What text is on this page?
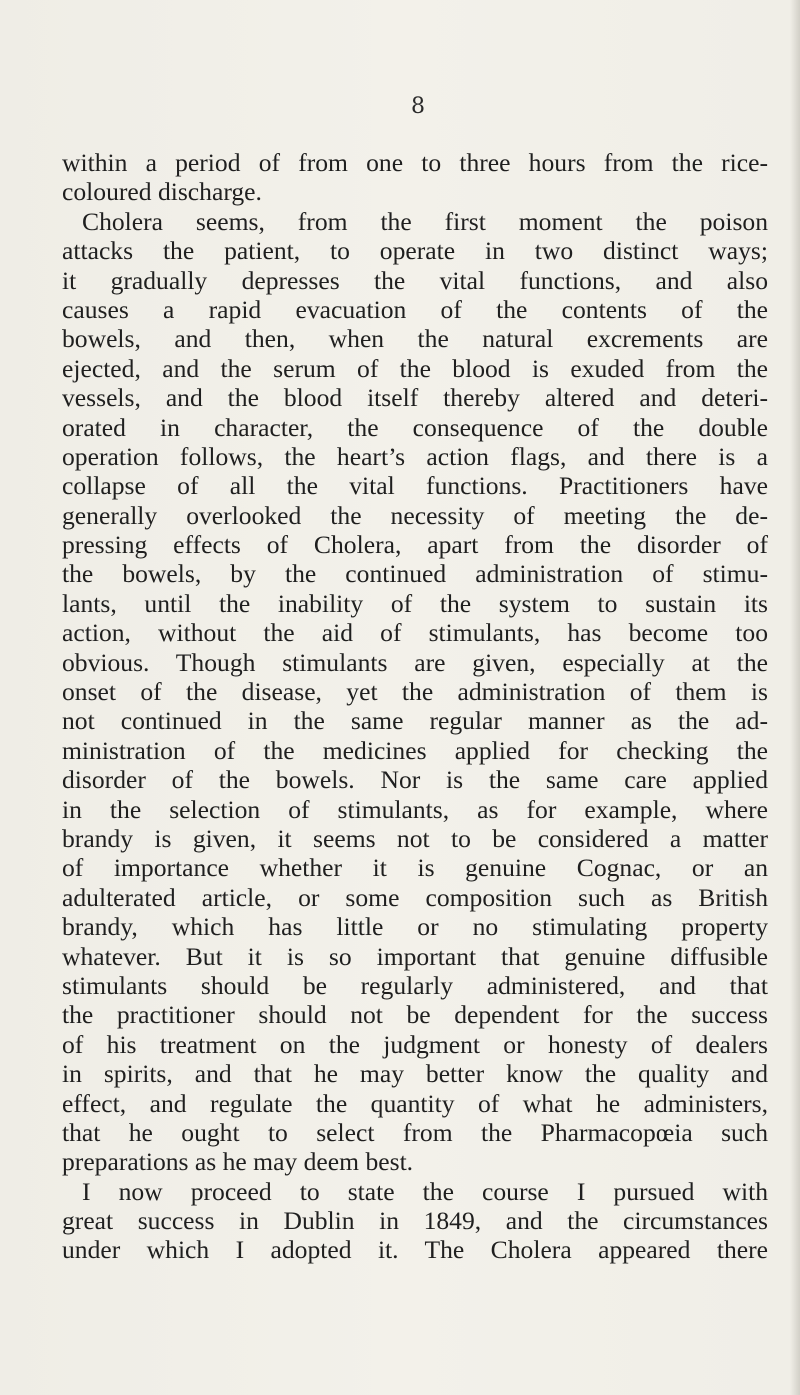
8
within a period of from one to three hours from the rice-
coloured discharge.
Cholera seems, from the first moment the poison
attacks the patient, to operate in two distinct ways;
it gradually depresses the vital functions, and also
causes a rapid evacuation of the contents of the
bowels, and then, when the natural excrements are
ejected, and the serum of the blood is exuded from the
vessels, and the blood itself thereby altered and deteri-
orated in character, the consequence of the double
operation follows, the heart’s action flags, and there is a
collapse of all the vital functions. Practitioners have
generally overlooked the necessity of meeting the de-
pressing effects of Cholera, apart from the disorder of
the bowels, by the continued administration of stimu-
lants, until the inability of the system to sustain its
action, without the aid of stimulants, has become too
obvious. Though stimulants are given, especially at the
onset of the disease, yet the administration of them is
not continued in the same regular manner as the ad-
ministration of the medicines applied for checking the
disorder of the bowels. Nor is the same care applied
in the selection of stimulants, as for example, where
brandy is given, it seems not to be considered a matter
of importance whether it is genuine Cognac, or an
adulterated article, or some composition such as British
brandy, which has little or no stimulating property
whatever. But it is so important that genuine diffusible
stimulants should be regularly administered, and that
the practitioner should not be dependent for the success
of his treatment on the judgment or honesty of dealers
in spirits, and that he may better know the quality and
effect, and regulate the quantity of what he administers,
that he ought to select from the Pharmacopœia such
preparations as he may deem best.
I now proceed to state the course I pursued with
great success in Dublin in 1849, and the circumstances
under which I adopted it. The Cholera appeared there
